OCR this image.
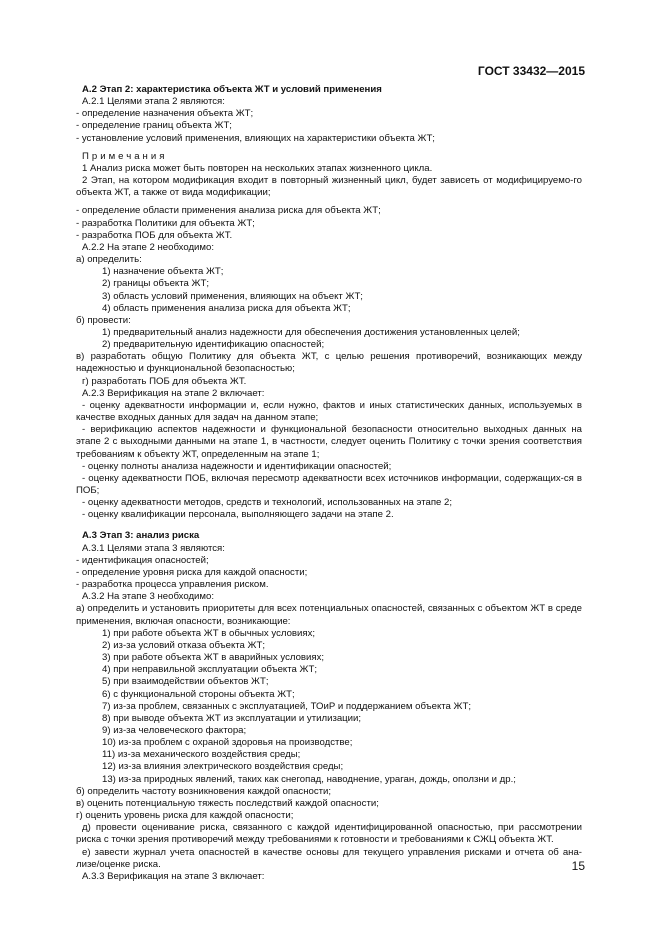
ГОСТ 33432—2015

А.2 Этап 2: характеристика объекта ЖТ и условий применения

А.2.1 Целями этапа 2 являются:

- определение назначения объекта ЖТ;

- определение границ объекта ЖТ;

- установление условий применения, влияющих на характеристики объекта ЖТ;

Примечания

1 Анализ риска может быть повторен на нескольких этапах жизненного цикла.

2 Этап, на котором модификация входит в повторный жизненный цикл, будет зависеть от модифицируемо-го объекта ЖТ, а также от вида модификации;

- определение области применения анализа риска для объекта ЖТ;

- разработка Политики для объекта ЖТ;

- разработка ПОБ для объекта ЖТ.

А.2.2 На этапе 2 необходимо:

а) определить:

1) назначение объекта ЖТ;

2) границы объекта ЖТ;

3) область условий применения, влияющих на объект ЖТ;

4) область применения анализа риска для объекта ЖТ;

б) провести:

1) предварительный анализ надежности для обеспечения достижения установленных целей;

2) предварительную идентификацию опасностей;

в) разработать общую Политику для объекта ЖТ, с целью решения противоречий, возникающих между надежностью и функциональной безопасностью;

г) разработать ПОБ для объекта ЖТ.

А.2.3 Верификация на этапе 2 включает:

- оценку адекватности информации и, если нужно, фактов и иных статистических данных, используемых в качестве входных данных для задач на данном этапе;

- верификацию аспектов надежности и функциональной безопасности относительно выходных данных на этапе 2 с выходными данными на этапе 1, в частности, следует оценить Политику с точки зрения соответствия требованиям к объекту ЖТ, определенным на этапе 1;

- оценку полноты анализа надежности и идентификации опасностей;

- оценку адекватности ПОБ, включая пересмотр адекватности всех источников информации, содержащих-ся в ПОБ;

- оценку адекватности методов, средств и технологий, использованных на этапе 2;

- оценку квалификации персонала, выполняющего задачи на этапе 2.

А.3 Этап 3: анализ риска

А.3.1 Целями этапа 3 являются:

- идентификация опасностей;

- определение уровня риска для каждой опасности;

- разработка процесса управления риском.

А.3.2 На этапе 3 необходимо:

а) определить и установить приоритеты для всех потенциальных опасностей, связанных с объектом ЖТ в среде применения, включая опасности, возникающие:

1) при работе объекта ЖТ в обычных условиях;

2) из-за условий отказа объекта ЖТ;

3) при работе объекта ЖТ в аварийных условиях;

4) при неправильной эксплуатации объекта ЖТ;

5) при взаимодействии объектов ЖТ;

6) с функциональной стороны объекта ЖТ;

7) из-за проблем, связанных с эксплуатацией, ТОиР и поддержанием объекта ЖТ;

8) при выводе объекта ЖТ из эксплуатации и утилизации;

9) из-за человеческого фактора;

10) из-за проблем с охраной здоровья на производстве;

11) из-за механического воздействия среды;

12) из-за влияния электрического воздействия среды;

13) из-за природных явлений, таких как снегопад, наводнение, ураган, дождь, оползни и др.;

б) определить частоту возникновения каждой опасности;

в) оценить потенциальную тяжесть последствий каждой опасности;

г) оценить уровень риска для каждой опасности;

д) провести оценивание риска, связанного с каждой идентифицированной опасностью, при рассмотрении риска с точки зрения противоречий между требованиями к готовности и требованиями к СЖЦ объекта ЖТ.

е) завести журнал учета опасностей в качестве основы для текущего управления рисками и отчета об ана-лизе/оценке риска.

А.3.3 Верификация на этапе 3 включает:

15
